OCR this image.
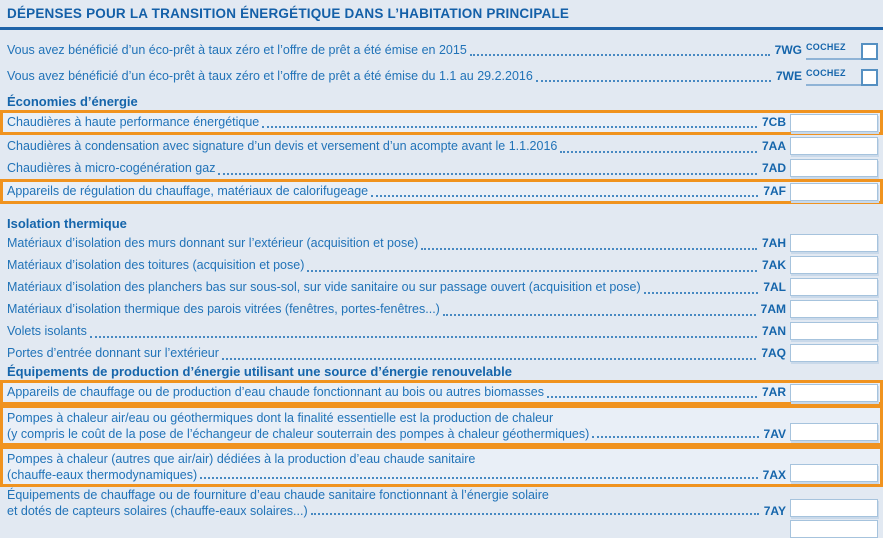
DÉPENSES POUR LA TRANSITION ÉNERGÉTIQUE DANS L’HABITATION PRINCIPALE
Vous avez bénéficié d’un éco-prêt à taux zéro et l’offre de prêt a été émise en 2015	7WG COCHEZ
Vous avez bénéficié d’un éco-prêt à taux zéro et l’offre de prêt a été émise du 1.1 au 29.2.2016	7WE COCHEZ
Économies d’énergie
Chaudières à haute performance énergétique	7CB
Chaudières à condensation avec signature d’un devis et versement d’un acompte avant le 1.1.2016	7AA
Chaudières à micro-cogénération gaz	7AD
Appareils de régulation du chauffage, matériaux de calorifugeage	7AF
Isolation thermique
Matériaux d’isolation des murs donnant sur l’extérieur (acquisition et pose)	7AH
Matériaux d’isolation des toitures (acquisition et pose)	7AK
Matériaux d’isolation des planchers bas sur sous-sol, sur vide sanitaire ou sur passage ouvert (acquisition et pose)	7AL
Matériaux d’isolation thermique des parois vitrées (fenêtres, portes-fenêtres...)	7AM
Volets isolants	7AN
Portes d’entrée donnant sur l’extérieur	7AQ
Équipements de production d’énergie utilisant une source d’énergie renouvelable
Appareils de chauffage ou de production d’eau chaude fonctionnant au bois ou autres biomasses	7AR
Pompes à chaleur air/eau ou géothermiques dont la finalité essentielle est la production de chaleur
(y compris le coût de la pose de l’échangeur de chaleur souterrain des pompes à chaleur géothermiques)	7AV
Pompes à chaleur (autres que air/air) dédiées à la production d’eau chaude sanitaire
(chauffe-eaux thermodynamiques)	7AX
Équipements de chauffage ou de fourniture d’eau chaude sanitaire fonctionnant à l’énergie solaire
et dotés de capteurs solaires (chauffe-eaux solaires...)	7AY
